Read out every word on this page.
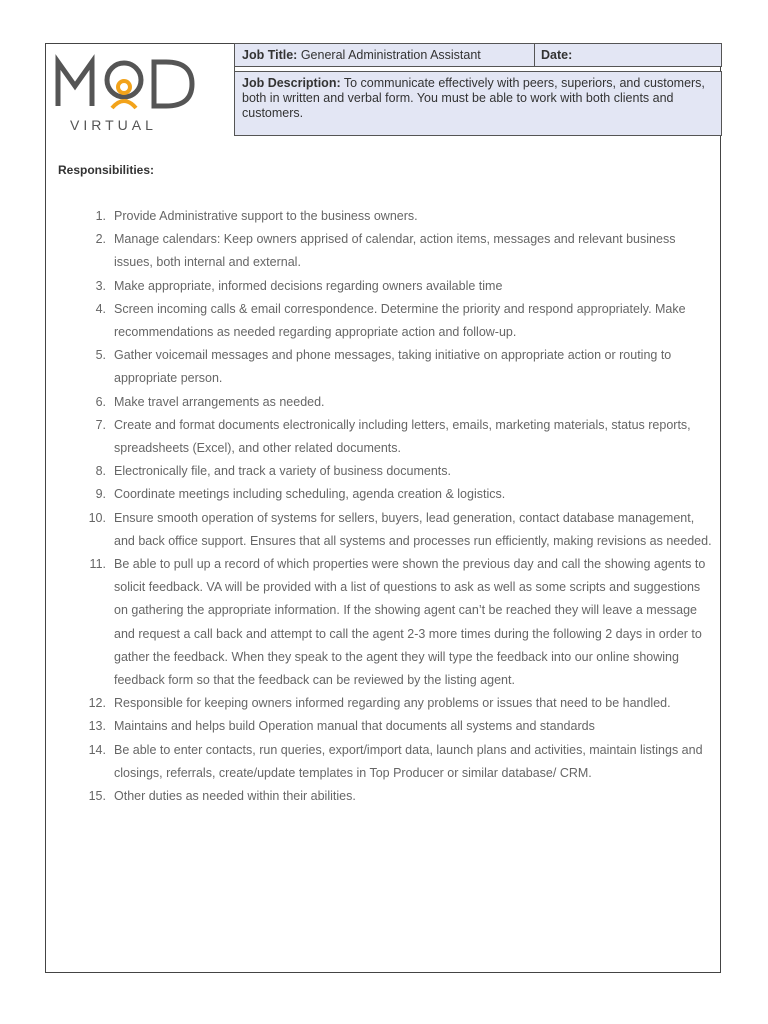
VIRTUAL
Job Title: General Administration Assistant	Date:
Job Description: To communicate effectively with peers, superiors, and customers, both in written and verbal form. You must be able to work with both clients and customers.
Responsibilities:
1. Provide Administrative support to the business owners.
2. Manage calendars: Keep owners apprised of calendar, action items, messages and relevant business issues, both internal and external.
3. Make appropriate, informed decisions regarding owners available time
4. Screen incoming calls & email correspondence. Determine the priority and respond appropriately. Make recommendations as needed regarding appropriate action and follow-up.
5. Gather voicemail messages and phone messages, taking initiative on appropriate action or routing to appropriate person.
6. Make travel arrangements as needed.
7. Create and format documents electronically including letters, emails, marketing materials, status reports, spreadsheets (Excel), and other related documents.
8. Electronically file, and track a variety of business documents.
9. Coordinate meetings including scheduling, agenda creation & logistics.
10. Ensure smooth operation of systems for sellers, buyers, lead generation, contact database management, and back office support. Ensures that all systems and processes run efficiently, making revisions as needed.
11. Be able to pull up a record of which properties were shown the previous day and call the showing agents to solicit feedback. VA will be provided with a list of questions to ask as well as some scripts and suggestions on gathering the appropriate information. If the showing agent can’t be reached they will leave a message and request a call back and attempt to call the agent 2-3 more times during the following 2 days in order to gather the feedback. When they speak to the agent they will type the feedback into our online showing feedback form so that the feedback can be reviewed by the listing agent.
12. Responsible for keeping owners informed regarding any problems or issues that need to be handled.
13. Maintains and helps build Operation manual that documents all systems and standards
14. Be able to enter contacts, run queries, export/import data, launch plans and activities, maintain listings and closings, referrals, create/update templates in Top Producer or similar database/ CRM.
15. Other duties as needed within their abilities.
